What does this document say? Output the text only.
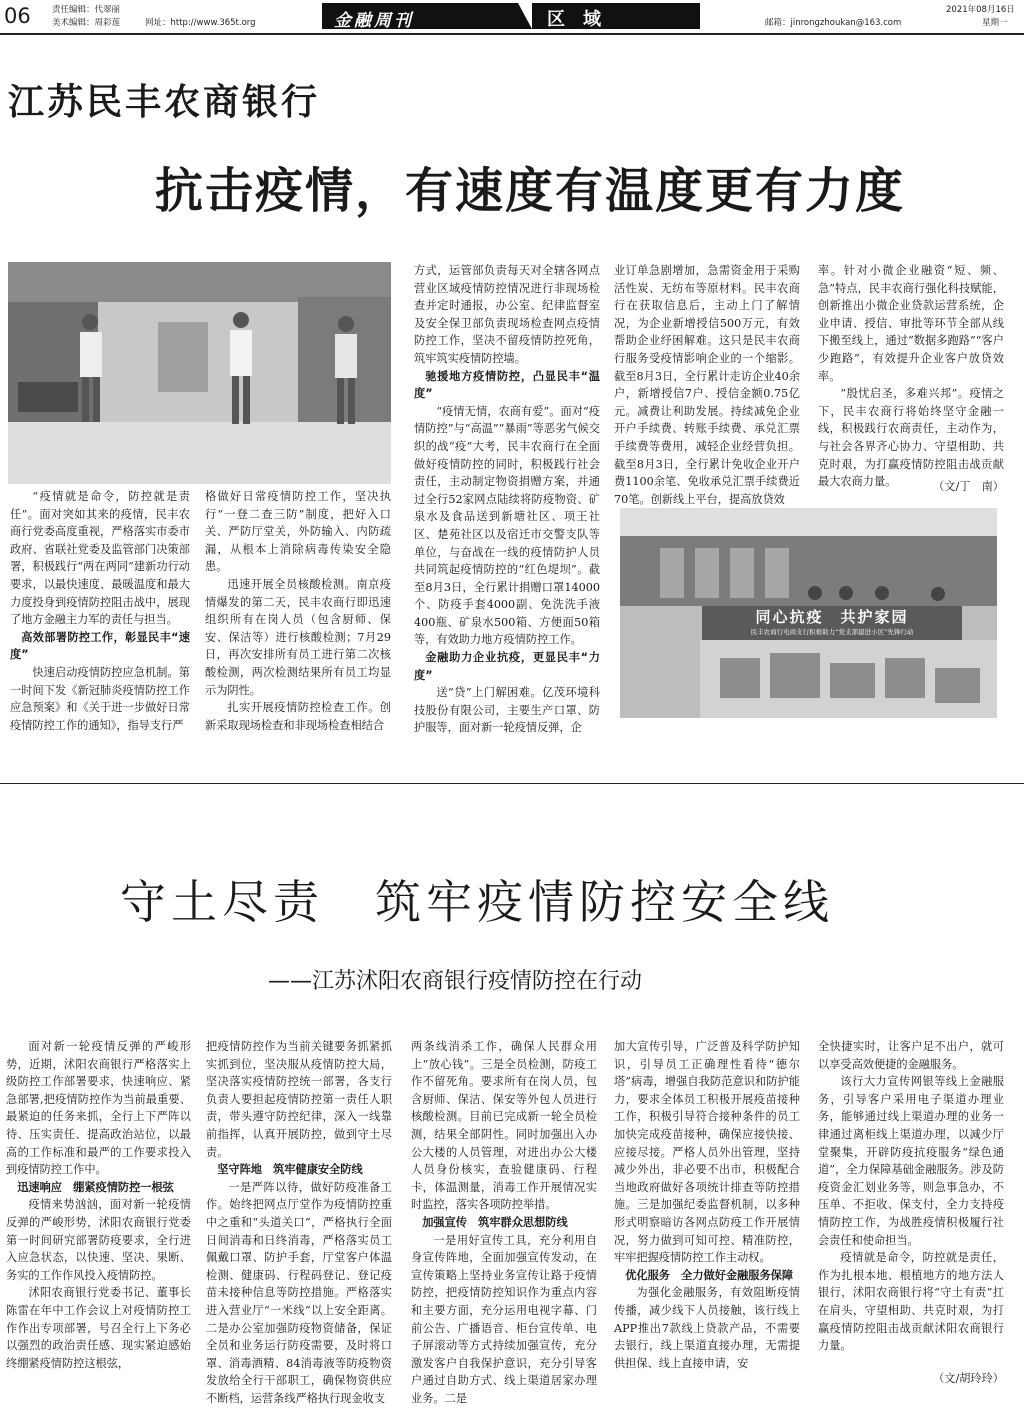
06	责任编辑：代翠丽
美术编辑：周彩莲	网址：http://www.365t.org	金融周刊	区域	邮箱：jinrongzhoukan@163.com
2021年08月16日
星期一
江苏民丰农商银行
抗击疫情，有速度有温度更有力度
同心抗疫　共护家园
民丰农商行电商支行积极助力“党支部建进小区”先锋行动

“疫情就是命令，防控就是责任”。面对突如其来的疫情，民丰农商行党委高度重视，严格落实市委市政府、省联社党委及监管部门决策部署，积极践行“两在两同”建新功行动要求，以最快速度、最暖温度和最大力度投身到疫情防控阻击战中，展现了地方金融主力军的责任与担当。

高效部署防控工作，彰显民丰“速度”

快速启动疫情防控应急机制。第一时间下发《新冠肺炎疫情防控工作应急预案》和《关于进一步做好日常疫情防控工作的通知》，指导支行严

格做好日常疫情防控工作，坚决执行“一登二查三防”制度，把好入口关、严防厅堂关，外防输入、内防疏漏，从根本上消除病毒传染安全隐患。

迅速开展全员核酸检测。南京疫情爆发的第二天，民丰农商行即迅速组织所有在岗人员（包含厨师、保安、保洁等）进行核酸检测；7月29日，再次安排所有员工进行第二次核酸检测，两次检测结果所有员工均显示为阴性。

扎实开展疫情防控检查工作。创新采取现场检查和非现场检查相结合

方式，运管部负责每天对全辖各网点营业区域疫情防控情况进行非现场检查并定时通报，办公室、纪律监督室及安全保卫部负责现场检查网点疫情防控工作，坚决不留疫情防控死角，筑牢筑实疫情防控墙。

驰援地方疫情防控，凸显民丰“温度”

“疫情无情，农商有爱”。面对“疫情防控”与“高温”“暴雨”等恶劣气候交织的战“疫”大考，民丰农商行在全面做好疫情防控的同时，积极践行社会责任，主动制定物资捐赠方案，并通过全行52家网点陆续将防疫物资、矿泉水及食品送到新塘社区、项王社区、楚苑社区以及宿迁市交警支队等单位，与奋战在一线的疫情防护人员共同筑起疫情防控的“红色堤坝”。截至8月3日，全行累计捐赠口罩14000个、防疫手套4000副、免洗洗手液400瓶、矿泉水500箱、方便面50箱等，有效助力地方疫情防控工作。

金融助力企业抗疫，更显民丰“力度”

送“贷”上门解困难。亿茂环境科技股份有限公司，主要生产口罩、防护服等，面对新一轮疫情反弹，企

业订单急剧增加，急需资金用于采购活性炭、无纺布等原材料。民丰农商行在获取信息后，主动上门了解情况，为企业新增授信500万元，有效帮助企业纾困解难。这只是民丰农商行服务受疫情影响企业的一个缩影。截至8月3日，全行累计走访企业40余户，新增授信7户、授信金额0.75亿元。减费让利助发展。持续减免企业开户手续费、转账手续费、承兑汇票手续费等费用，减轻企业经营负担。截至8月3日，全行累计免收企业开户费1100余笔、免收承兑汇票手续费近70笔。创新线上平台，提高放贷效

率。针对小微企业融资“短、频、急”特点，民丰农商行强化科技赋能，创新推出小微企业贷款运营系统，企业申请、授信、审批等环节全部从线下搬至线上，通过“数据多跑路”“客户少跑路”，有效提升企业客户放贷效率。

“殷忧启圣，多难兴邦”。疫情之下，民丰农商行将始终坚守金融一线，积极践行农商责任，主动作为，与社会各界齐心协力、守望相助、共克时艰，为打赢疫情防控阻击战贡献最大农商力量。	（文/丁　南）
守土尽责　筑牢疫情防控安全线
——江苏沭阳农商银行疫情防控在行动

面对新一轮疫情反弹的严峻形势，近期，沭阳农商银行严格落实上级防控工作部署要求，快速响应、紧急部署,把疫情防控作为当前最重要、最紧迫的任务来抓，全行上下严阵以待、压实责任、提高政治站位，以最高的工作标准和最严的工作要求投入到疫情防控工作中。

迅速响应　绷紧疫情防控一根弦

疫情来势汹汹，面对新一轮疫情反弹的严峻形势，沭阳农商银行党委第一时间研究部署防疫要求，全行进入应急状态，以快速、坚决、果断、务实的工作作风投入疫情防控。

沭阳农商银行党委书记、董事长陈雷在年中工作会议上对疫情防控工作作出专项部署，号召全行上下务必以强烈的政治责任感、现实紧迫感始终绷紧疫情防控这根弦，

把疫情防控作为当前关键要务抓紧抓实抓到位，坚决服从疫情防控大局，坚决落实疫情防控统一部署，各支行负责人要担起疫情防控第一责任人职责，带头遵守防控纪律，深入一线靠前指挥，认真开展防控，做到守土尽责。

坚守阵地　筑牢健康安全防线

一是严阵以待，做好防疫准备工作。始终把网点厅堂作为疫情防控重中之重和“头道关口”，严格执行全面日间消毒和日终消毒，严格落实员工佩戴口罩、防护手套，厅堂客户体温检测、健康码、行程码登记、登记疫苗未接种信息等防控措施。严格落实进入营业厅“一米线”以上安全距离。二是办公室加强防疫物资储备，保证全员和业务运行防疫需要，及时将口罩、消毒酒精、84消毒液等防疫物资发放给全行干部职工，确保物资供应不断档，运营条线严格执行现金收支

两条线消杀工作，确保人民群众用上“放心钱”。三是全员检测，防疫工作不留死角。要求所有在岗人员，包含厨师、保洁、保安等外包人员进行核酸检测。目前已完成新一轮全员检测，结果全部阴性。同时加强出入办公大楼的人员管理，对进出办公大楼人员身份核实，查验健康码、行程卡，体温测量，消毒工作开展情况实时监控，落实各项防控举措。

加强宣传　筑牢群众思想防线

一是用好宣传工具，充分利用自身宣传阵地，全面加强宣传发动，在宣传策略上坚持业务宣传让路于疫情防控，把疫情防控知识作为重点内容和主要方面，充分运用电视字幕、门前公告、广播语音、柜台宣传单、电子屏滚动等方式持续加强宣传，充分激发客户自我保护意识，充分引导客户通过自助方式、线上渠道居家办理业务。二是

加大宣传引导，广泛普及科学防护知识，引导员工正确理性看待“德尔塔”病毒，增强自我防范意识和防护能力，要求全体员工积极开展疫苗接种工作，积极引导符合接种条件的员工加快完成疫苗接种，确保应接快接、应接尽接。严格人员外出管理，坚持减少外出，非必要不出市，积极配合当地政府做好各项统计排查等防控措施。三是加强纪委监督机制，以多种形式明察暗访各网点防疫工作开展情况，努力做到可知可控、精准防控，牢牢把握疫情防控工作主动权。

优化服务　全力做好金融服务保障

为强化金融服务，有效阻断疫情传播，减少线下人员接触，该行线上APP推出7款线上贷款产品，不需要去银行，线上渠道直接办理，无需提供担保、线上直接申请，安

全快捷实时，让客户足不出户，就可以享受高效便捷的金融服务。

该行大力宣传网银等线上金融服务，引导客户采用电子渠道办理业务，能够通过线上渠道办理的业务一律通过离柜线上渠道办理，以减少厅堂聚集，开辟防疫抗疫服务“绿色通道”，全力保障基础金融服务。涉及防疫资金汇划业务等，则急事急办，不压单、不拒收、保支付，全力支持疫情防控工作，为战胜疫情积极履行社会责任和使命担当。

疫情就是命令，防控就是责任，作为扎根本地、根植地方的地方法人银行，沭阳农商银行将“守土有责”扛在肩头，守望相助、共克时艰，为打赢疫情防控阻击战贡献沭阳农商银行力量。

（文/胡玲玲）
